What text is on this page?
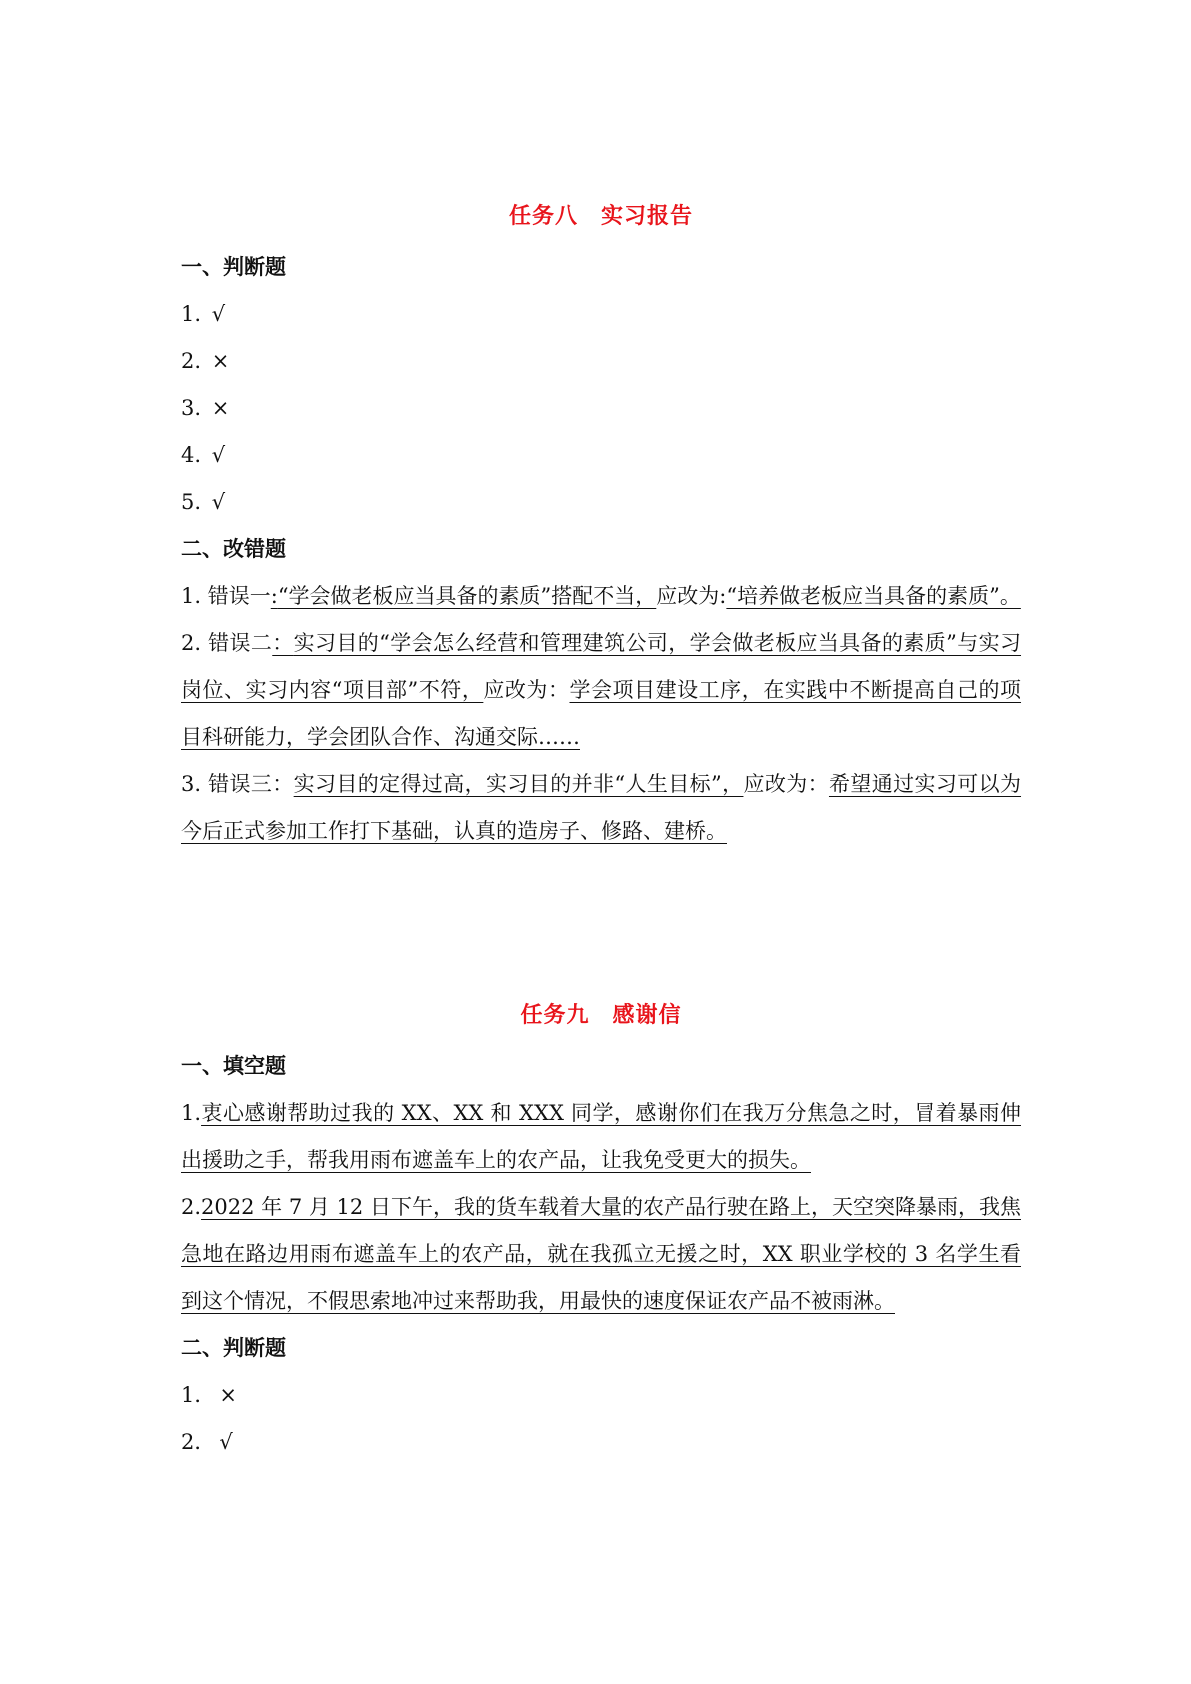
任务八　实习报告
一、判断题
1. √
2. ×
3. ×
4. √
5. √
二、改错题

1. 错误一:“学会做老板应当具备的素质”搭配不当，应改为:“培养做老板应当具备的素质”。

2. 错误二：实习目的“学会怎么经营和管理建筑公司，学会做老板应当具备的素质”与实习岗位、实习内容“项目部”不符，应改为：学会项目建设工序，在实践中不断提高自己的项目科研能力，学会团队合作、沟通交际……

3. 错误三：实习目的定得过高，实习目的并非“人生目标”，应改为：希望通过实习可以为今后正式参加工作打下基础，认真的造房子、修路、建桥。

任务九　感谢信
一、填空题

1.衷心感谢帮助过我的 XX、XX 和 XXX 同学，感谢你们在我万分焦急之时，冒着暴雨伸出援助之手，帮我用雨布遮盖车上的农产品，让我免受更大的损失。

2.2022 年 7 月 12 日下午，我的货车载着大量的农产品行驶在路上，天空突降暴雨，我焦急地在路边用雨布遮盖车上的农产品，就在我孤立无援之时，XX 职业学校的 3 名学生看到这个情况，不假思索地冲过来帮助我，用最快的速度保证农产品不被雨淋。

二、判断题
1． ×
2． √
